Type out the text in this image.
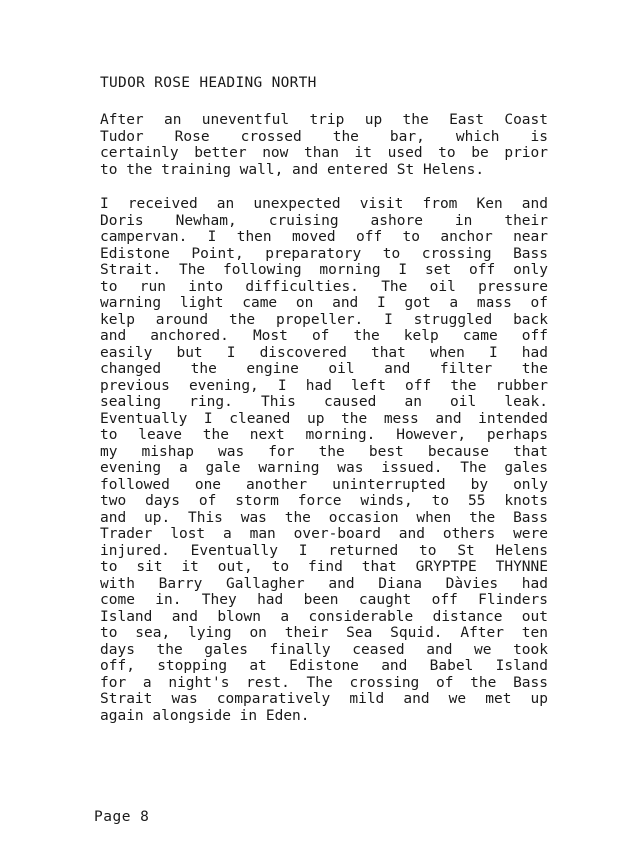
TUDOR ROSE HEADING NORTH

After an uneventful trip up the East Coast
Tudor Rose crossed the bar, which is
certainly better now than it used to be prior
to the training wall, and entered St Helens.

I received an unexpected visit from Ken and
Doris Newham, cruising ashore in their
campervan. I then moved off to anchor near
Edistone Point, preparatory to crossing Bass
Strait. The following morning I set off only
to run into difficulties. The oil pressure
warning light came on and I got a mass of
kelp around the propeller. I struggled back
and anchored. Most of the kelp came off
easily but I discovered that when I had
changed the engine oil and filter the
previous evening, I had left off the rubber
sealing ring. This caused an oil leak.
Eventually I cleaned up the mess and intended
to leave the next morning. However, perhaps
my mishap was for the best because that
evening a gale warning was issued. The gales
followed one another uninterrupted by only
two days of storm force winds, to 55 knots
and up. This was the occasion when the Bass
Trader lost a man over-board and others were
injured. Eventually I returned to St Helens
to sit it out, to find that GRYPTPE THYNNE
with Barry Gallagher and Diana Dàvies had
come in. They had been caught off Flinders
Island and blown a considerable distance out
to sea, lying on their Sea Squid. After ten
days the gales finally ceased and we took
off, stopping at Edistone and Babel Island
for a night's rest. The crossing of the Bass
Strait was comparatively mild and we met up
again alongside in Eden.

Page 8
